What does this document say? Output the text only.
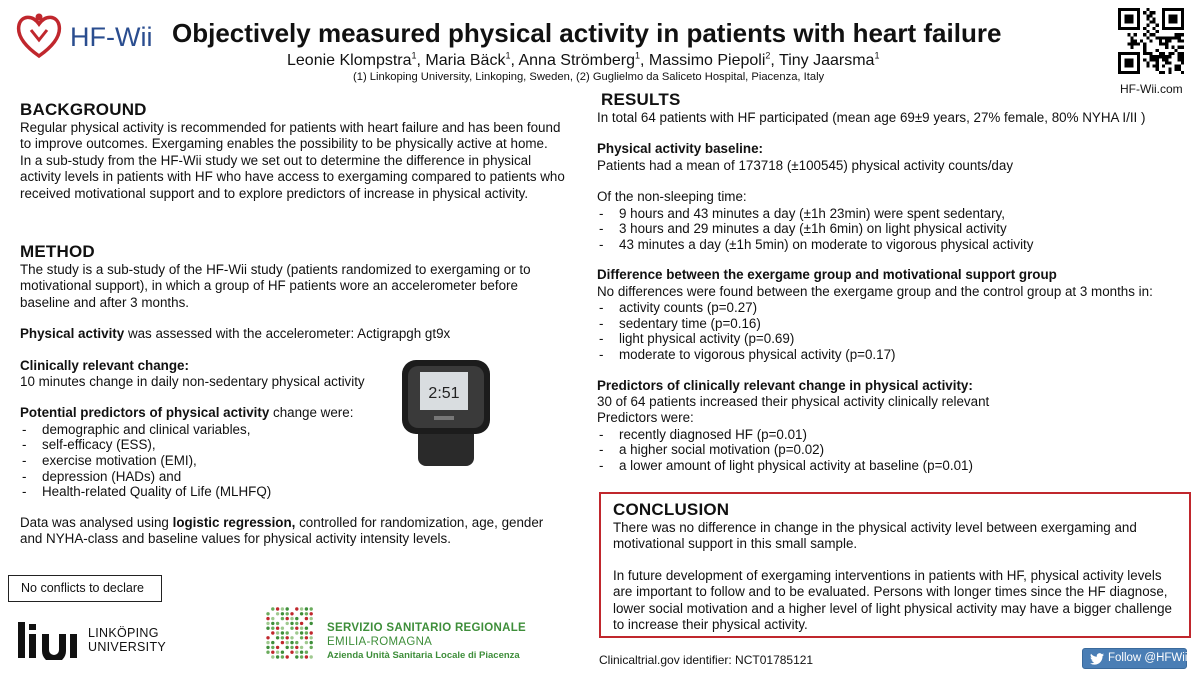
HF-Wii Objectively measured physical activity in patients with heart failure
Leonie Klompstra$^1$, Maria Bäck$^1$, Anna Strömberg$^1$, Massimo Piepoli$^2$, Tiny Jaarsma$^1$
(1) Linkoping University, Linkoping, Sweden, (2) Guglielmo da Saliceto Hospital, Piacenza, Italy
HF-Wii.com
BACKGROUND

Regular physical activity is recommended for patients with heart failure and has been found to improve outcomes. Exergaming enables the possibility to be physically active at home.

In a sub-study from the HF-Wii study we set out to determine the difference in physical activity levels in patients with HF who have access to exergaming compared to patients who received motivational support and to explore predictors of increase in physical activity.

METHOD

The study is a sub-study of the HF-Wii study (patients randomized to exergaming or to motivational support), in which a group of HF patients wore an accelerometer before baseline and after 3 months.

Physical activity was assessed with the accelerometer: Actigrapgh gt9x

Clinically relevant change:

10 minutes change in daily non-sedentary physical activity

Potential predictors of physical activity change were:

- demographic and clinical variables,
- self-efficacy (ESS),
- exercise motivation (EMI),
- depression (HADs) and
- Health-related Quality of Life (MLHFQ)

Data was analysed using logistic regression, controlled for randomization, age, gender and NYHA-class and baseline values for physical activity intensity levels.

2:51
No conflicts to declare
RESULTS

In total 64 patients with HF participated (mean age 69±9 years, 27% female, 80% NYHA I/II )

Physical activity baseline:

Patients had a mean of 173718 (±100545) physical activity counts/day

Of the non-sleeping time:

- 9 hours and 43 minutes a day (±1h 23min) were spent sedentary,
- 3 hours and 29 minutes a day (±1h 6min) on light physical activity
- 43 minutes a day (±1h 5min) on moderate to vigorous physical activity

Difference between the exergame group and motivational support group

No differences were found between the exergame group and the control group at 3 months in:

- activity counts (p=0.27)
- sedentary time (p=0.16)
- light physical activity (p=0.69)
- moderate to vigorous physical activity (p=0.17)

Predictors of clinically relevant change in physical activity:

30 of 64 patients increased their physical activity clinically relevant

Predictors were:

- recently diagnosed HF (p=0.01)
- a higher social motivation (p=0.02)
- a lower amount of light physical activity at baseline (p=0.01)
CONCLUSION

There was no difference in change in the physical activity level between exergaming and motivational support in this small sample.

In future development of exergaming interventions in patients with HF, physical activity levels are important to follow and to be evaluated. Persons with longer times since the HF diagnose, lower social motivation and a higher level of light physical activity may have a bigger challenge to increase their physical activity.

LINKÖPING
UNIVERSITY
SERVIZIO SANITARIO REGIONALE
EMILIA-ROMAGNA
Azienda Unità Sanitaria Locale di Piacenza	Clinicaltrial.gov identifier: NCT01785121	Follow @HFWii
